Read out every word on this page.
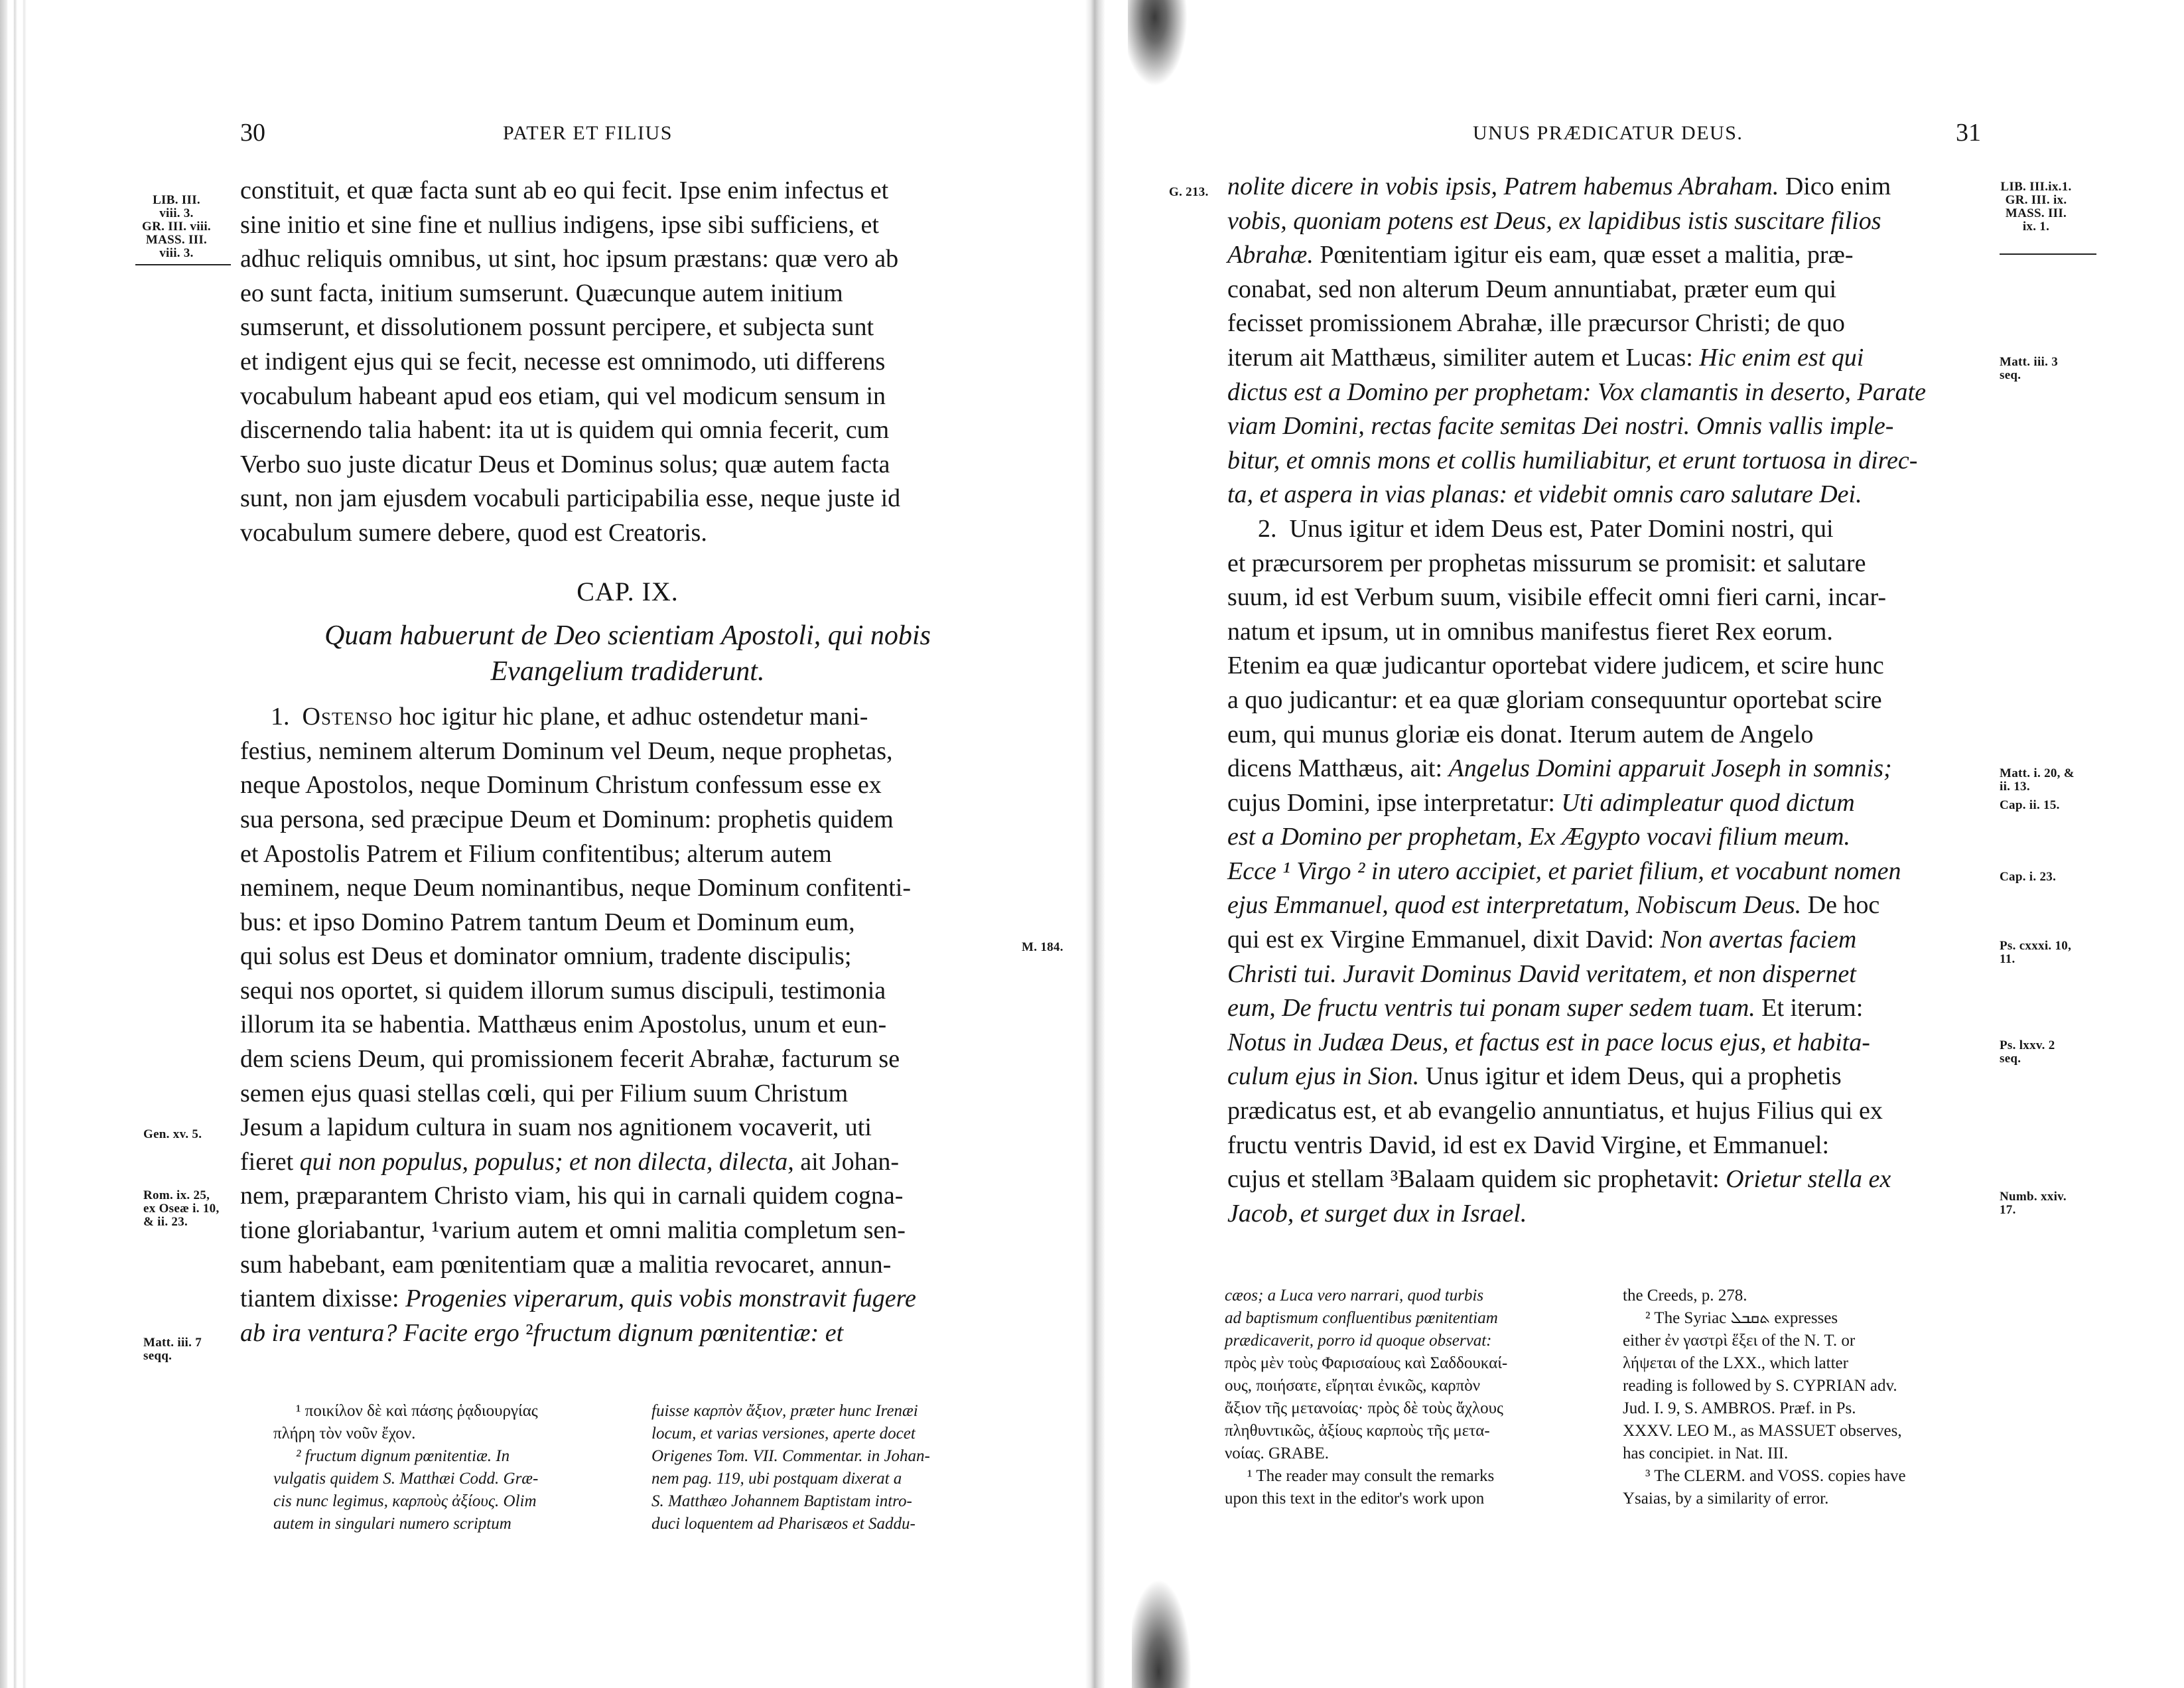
30	PATER ET FILIUS
LIB. III.
viii. 3.
GR. III. viii.
MASS. III.
viii. 3.
M. 184.
Gen. xv. 5.
Rom. ix. 25,
ex Oseæ i. 10,
& ii. 23.
Matt. iii. 7
seqq.

constituit, et quæ facta sunt ab eo qui fecit. Ipse enim infectus et

sine initio et sine fine et nullius indigens, ipse sibi sufficiens, et

adhuc reliquis omnibus, ut sint, hoc ipsum præstans: quæ vero ab

eo sunt facta, initium sumserunt. Quæcunque autem initium

sumserunt, et dissolutionem possunt percipere, et subjecta sunt

et indigent ejus qui se fecit, necesse est omnimodo, uti differens

vocabulum habeant apud eos etiam, qui vel modicum sensum in

discernendo talia habent: ita ut is quidem qui omnia fecerit, cum

Verbo suo juste dicatur Deus et Dominus solus; quæ autem facta

sunt, non jam ejusdem vocabuli participabilia esse, neque juste id

vocabulum sumere debere, quod est Creatoris.

CAP. IX.
Quam habuerunt de Deo scientiam Apostoli, qui nobis
Evangelium tradiderunt.

1. Ostenso hoc igitur hic plane, et adhuc ostendetur mani-

festius, neminem alterum Dominum vel Deum, neque prophetas,

neque Apostolos, neque Dominum Christum confessum esse ex

sua persona, sed præcipue Deum et Dominum: prophetis quidem

et Apostolis Patrem et Filium confitentibus; alterum autem

neminem, neque Deum nominantibus, neque Dominum confitenti-

bus: et ipso Domino Patrem tantum Deum et Dominum eum,

qui solus est Deus et dominator omnium, tradente discipulis;

sequi nos oportet, si quidem illorum sumus discipuli, testimonia

illorum ita se habentia. Matthæus enim Apostolus, unum et eun-

dem sciens Deum, qui promissionem fecerit Abrahæ, facturum se

semen ejus quasi stellas cœli, qui per Filium suum Christum

Jesum a lapidum cultura in suam nos agnitionem vocaverit, uti

fieret qui non populus, populus; et non dilecta, dilecta, ait Johan-

nem, præparantem Christo viam, his qui in carnali quidem cogna-

tione gloriabantur, ¹varium autem et omni malitia completum sen-

sum habebant, eam pœnitentiam quæ a malitia revocaret, annun-

tiantem dixisse: Progenies viperarum, quis vobis monstravit fugere

ab ira ventura? Facite ergo ²fructum dignum pœnitentiæ: et

¹ ποικίλον δὲ καὶ πάσης ῥᾳδιουργίας

πλήρη τὸν νοῦν ἔχον.

² fructum dignum pœnitentiæ. In

vulgatis quidem S. Matthæi Codd. Græ-

cis nunc legimus, καρποὺς ἀξίους. Olim

autem in singulari numero scriptum

fuisse καρπὸν ἄξιον, præter hunc Irenæi

locum, et varias versiones, aperte docet

Origenes Tom. VII. Commentar. in Johan-

nem pag. 119, ubi postquam dixerat a

S. Matthæo Johannem Baptistam intro-

duci loquentem ad Pharisæos et Saddu-

UNUS PRÆDICATUR DEUS.	31
G. 213.	LIB. III.ix.1.
GR. III. ix.
MASS. III.
ix. 1.
Matt. iii. 3
seq.
Matt. i. 20, &
ii. 13.
Cap. ii. 15.
Cap. i. 23.
Ps. cxxxi. 10,
11.
Ps. lxxv. 2
seq.
Numb. xxiv.
17.

nolite dicere in vobis ipsis, Patrem habemus Abraham. Dico enim

vobis, quoniam potens est Deus, ex lapidibus istis suscitare filios

Abrahæ. Pœnitentiam igitur eis eam, quæ esset a malitia, præ-

conabat, sed non alterum Deum annuntiabat, præter eum qui

fecisset promissionem Abrahæ, ille præcursor Christi; de quo

iterum ait Matthæus, similiter autem et Lucas: Hic enim est qui

dictus est a Domino per prophetam: Vox clamantis in deserto, Parate

viam Domini, rectas facite semitas Dei nostri. Omnis vallis imple-

bitur, et omnis mons et collis humiliabitur, et erunt tortuosa in direc-

ta, et aspera in vias planas: et videbit omnis caro salutare Dei.

2. Unus igitur et idem Deus est, Pater Domini nostri, qui

et præcursorem per prophetas missurum se promisit: et salutare

suum, id est Verbum suum, visibile effecit omni fieri carni, incar-

natum et ipsum, ut in omnibus manifestus fieret Rex eorum.

Etenim ea quæ judicantur oportebat videre judicem, et scire hunc

a quo judicantur: et ea quæ gloriam consequuntur oportebat scire

eum, qui munus gloriæ eis donat. Iterum autem de Angelo

dicens Matthæus, ait: Angelus Domini apparuit Joseph in somnis;

cujus Domini, ipse interpretatur: Uti adimpleatur quod dictum

est a Domino per prophetam, Ex Ægypto vocavi filium meum.

Ecce ¹ Virgo ² in utero accipiet, et pariet filium, et vocabunt nomen

ejus Emmanuel, quod est interpretatum, Nobiscum Deus. De hoc

qui est ex Virgine Emmanuel, dixit David: Non avertas faciem

Christi tui. Juravit Dominus David veritatem, et non dispernet

eum, De fructu ventris tui ponam super sedem tuam. Et iterum:

Notus in Judæa Deus, et factus est in pace locus ejus, et habita-

culum ejus in Sion. Unus igitur et idem Deus, qui a prophetis

prædicatus est, et ab evangelio annuntiatus, et hujus Filius qui ex

fructu ventris David, id est ex David Virgine, et Emmanuel:

cujus et stellam ³Balaam quidem sic prophetavit: Orietur stella ex

Jacob, et surget dux in Israel.

cæos; a Luca vero narrari, quod turbis

ad baptismum confluentibus pœnitentiam

prædicaverit, porro id quoque observat:

πρὸς μὲν τοὺς Φαρισαίους καὶ Σαδδουκαί-

ους, ποιήσατε, εἴρηται ἐνικῶς, καρπὸν

ἄξιον τῆς μετανοίας· πρὸς δὲ τοὺς ἄχλους

πληθυντικῶς, ἀξίους καρποὺς τῆς μετα-

νοίας. GRABE.

¹ The reader may consult the remarks

upon this text in the editor's work upon

the Creeds, p. 278.

² The Syriac ܬܩܒܠ expresses

either ἐν γαστρὶ ἕξει of the N. T. or

λήψεται of the LXX., which latter

reading is followed by S. CYPRIAN adv.

Jud. I. 9, S. AMBROS. Præf. in Ps.

XXXV. LEO M., as MASSUET observes,

has concipiet. in Nat. III.

³ The CLERM. and VOSS. copies have

Ysaias, by a similarity of error.
